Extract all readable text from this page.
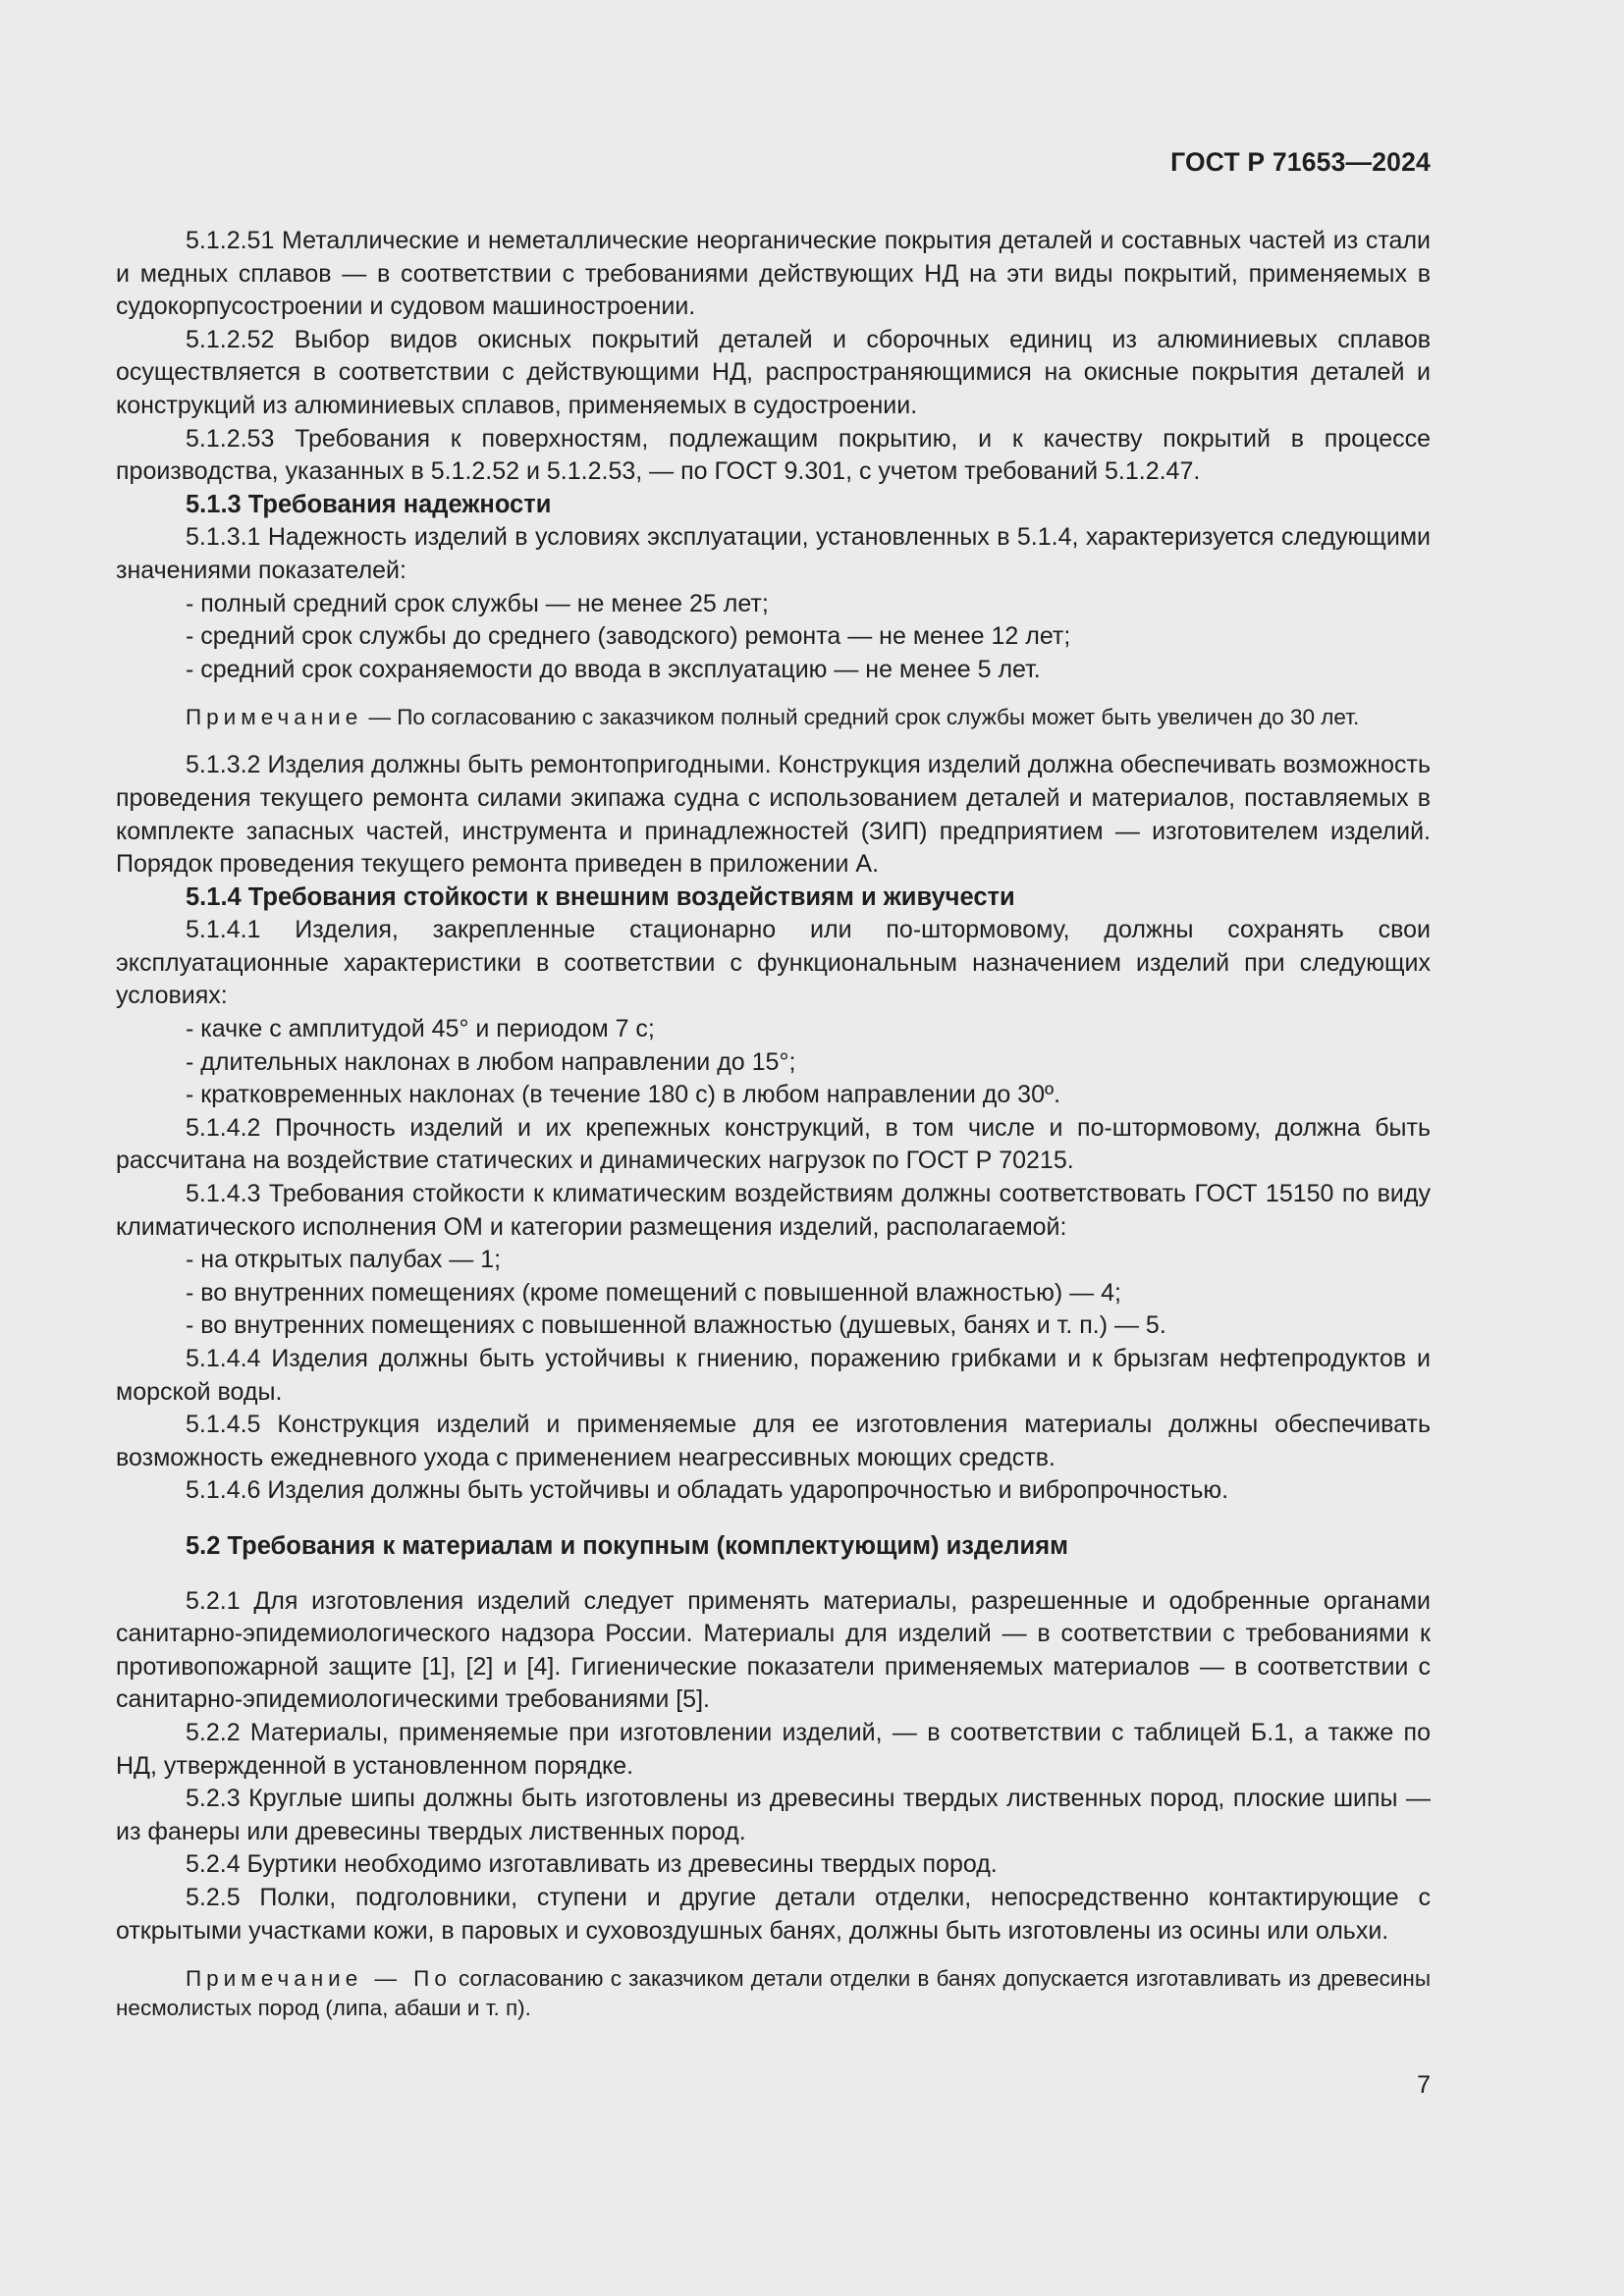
ГОСТ Р 71653—2024

5.1.2.51 Металлические и неметаллические неорганические покрытия деталей и составных частей из стали и медных сплавов — в соответствии с требованиями действующих НД на эти виды покрытий, применяемых в судокорпусостроении и судовом машиностроении.

5.1.2.52 Выбор видов окисных покрытий деталей и сборочных единиц из алюминиевых сплавов осуществляется в соответствии с действующими НД, распространяющимися на окисные покрытия деталей и конструкций из алюминиевых сплавов, применяемых в судостроении.

5.1.2.53 Требования к поверхностям, подлежащим покрытию, и к качеству покрытий в процессе производства, указанных в 5.1.2.52 и 5.1.2.53, — по ГОСТ 9.301, с учетом требований 5.1.2.47.

5.1.3 Требования надежности

5.1.3.1 Надежность изделий в условиях эксплуатации, установленных в 5.1.4, характеризуется следующими значениями показателей:

- полный средний срок службы — не менее 25 лет;

- средний срок службы до среднего (заводского) ремонта — не менее 12 лет;

- средний срок сохраняемости до ввода в эксплуатацию — не менее 5 лет.

Примечание — По согласованию с заказчиком полный средний срок службы может быть увеличен до 30 лет.

5.1.3.2 Изделия должны быть ремонтопригодными. Конструкция изделий должна обеспечивать возможность проведения текущего ремонта силами экипажа судна с использованием деталей и материалов, поставляемых в комплекте запасных частей, инструмента и принадлежностей (ЗИП) предприятием — изготовителем изделий. Порядок проведения текущего ремонта приведен в приложении А.

5.1.4 Требования стойкости к внешним воздействиям и живучести

5.1.4.1 Изделия, закрепленные стационарно или по-штормовому, должны сохранять свои эксплуатационные характеристики в соответствии с функциональным назначением изделий при следующих условиях:

- качке с амплитудой 45° и периодом 7 с;

- длительных наклонах в любом направлении до 15°;

- кратковременных наклонах (в течение 180 с) в любом направлении до 30º.

5.1.4.2 Прочность изделий и их крепежных конструкций, в том числе и по-штормовому, должна быть рассчитана на воздействие статических и динамических нагрузок по ГОСТ Р 70215.

5.1.4.3 Требования стойкости к климатическим воздействиям должны соответствовать ГОСТ 15150 по виду климатического исполнения ОМ и категории размещения изделий, располагаемой:

- на открытых палубах — 1;

- во внутренних помещениях (кроме помещений с повышенной влажностью) — 4;

- во внутренних помещениях с повышенной влажностью (душевых, банях и т. п.) — 5.

5.1.4.4 Изделия должны быть устойчивы к гниению, поражению грибками и к брызгам нефтепродуктов и морской воды.

5.1.4.5 Конструкция изделий и применяемые для ее изготовления материалы должны обеспечивать возможность ежедневного ухода с применением неагрессивных моющих средств.

5.1.4.6 Изделия должны быть устойчивы и обладать ударопрочностью и вибропрочностью.

5.2 Требования к материалам и покупным (комплектующим) изделиям

5.2.1 Для изготовления изделий следует применять материалы, разрешенные и одобренные органами санитарно-эпидемиологического надзора России. Материалы для изделий — в соответствии с требованиями к противопожарной защите [1], [2] и [4]. Гигиенические показатели применяемых материалов — в соответствии с санитарно-эпидемиологическими требованиями [5].

5.2.2 Материалы, применяемые при изготовлении изделий, — в соответствии с таблицей Б.1, а также по НД, утвержденной в установленном порядке.

5.2.3 Круглые шипы должны быть изготовлены из древесины твердых лиственных пород, плоские шипы — из фанеры или древесины твердых лиственных пород.

5.2.4 Буртики необходимо изготавливать из древесины твердых пород.

5.2.5 Полки, подголовники, ступени и другие детали отделки, непосредственно контактирующие с открытыми участками кожи, в паровых и суховоздушных банях, должны быть изготовлены из осины или ольхи.

Примечание — По согласованию с заказчиком детали отделки в банях допускается изготавливать из древесины несмолистых пород (липа, абаши и т. п).

7
